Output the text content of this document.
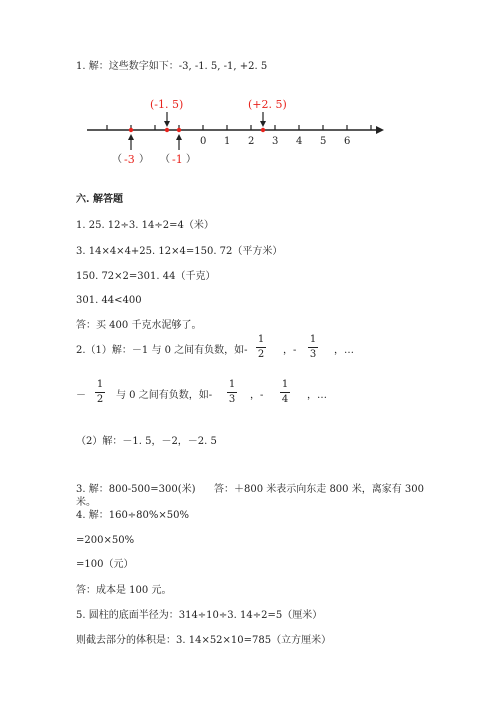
1. 解：这些数字如下：-3, -1. 5, -1, +2. 5
(-1. 5)	(+2. 5)
（ -3 ） （ -1 ）
0 1 2 3 4 5 6
六. 解答题
1. 25. 12÷3. 14÷2=4（米）
3. 14×4×4+25. 12×4=150. 72（平方米）
150. 72×2=301. 44（千克）
301. 44<400
答：买 400 千克水泥够了。
2.（1）解：－1 与 0 之间有负数，如-
1
2 ，-
1
3 ，…
－
1
2 与 0 之间有负数，如-
1
3 ，-
1
4 ，…
（2）解：－1. 5，－2，－2. 5
3. 解：800-500=300(米) 答：＋800 米表示向东走 800 米，离家有 300
米。
4. 解：160÷80%×50%
=200×50%
=100（元）
答：成本是 100 元。
5. 圆柱的底面半径为：314÷10÷3. 14÷2=5（厘米）
则截去部分的体积是：3. 14×52×10=785（立方厘米）
